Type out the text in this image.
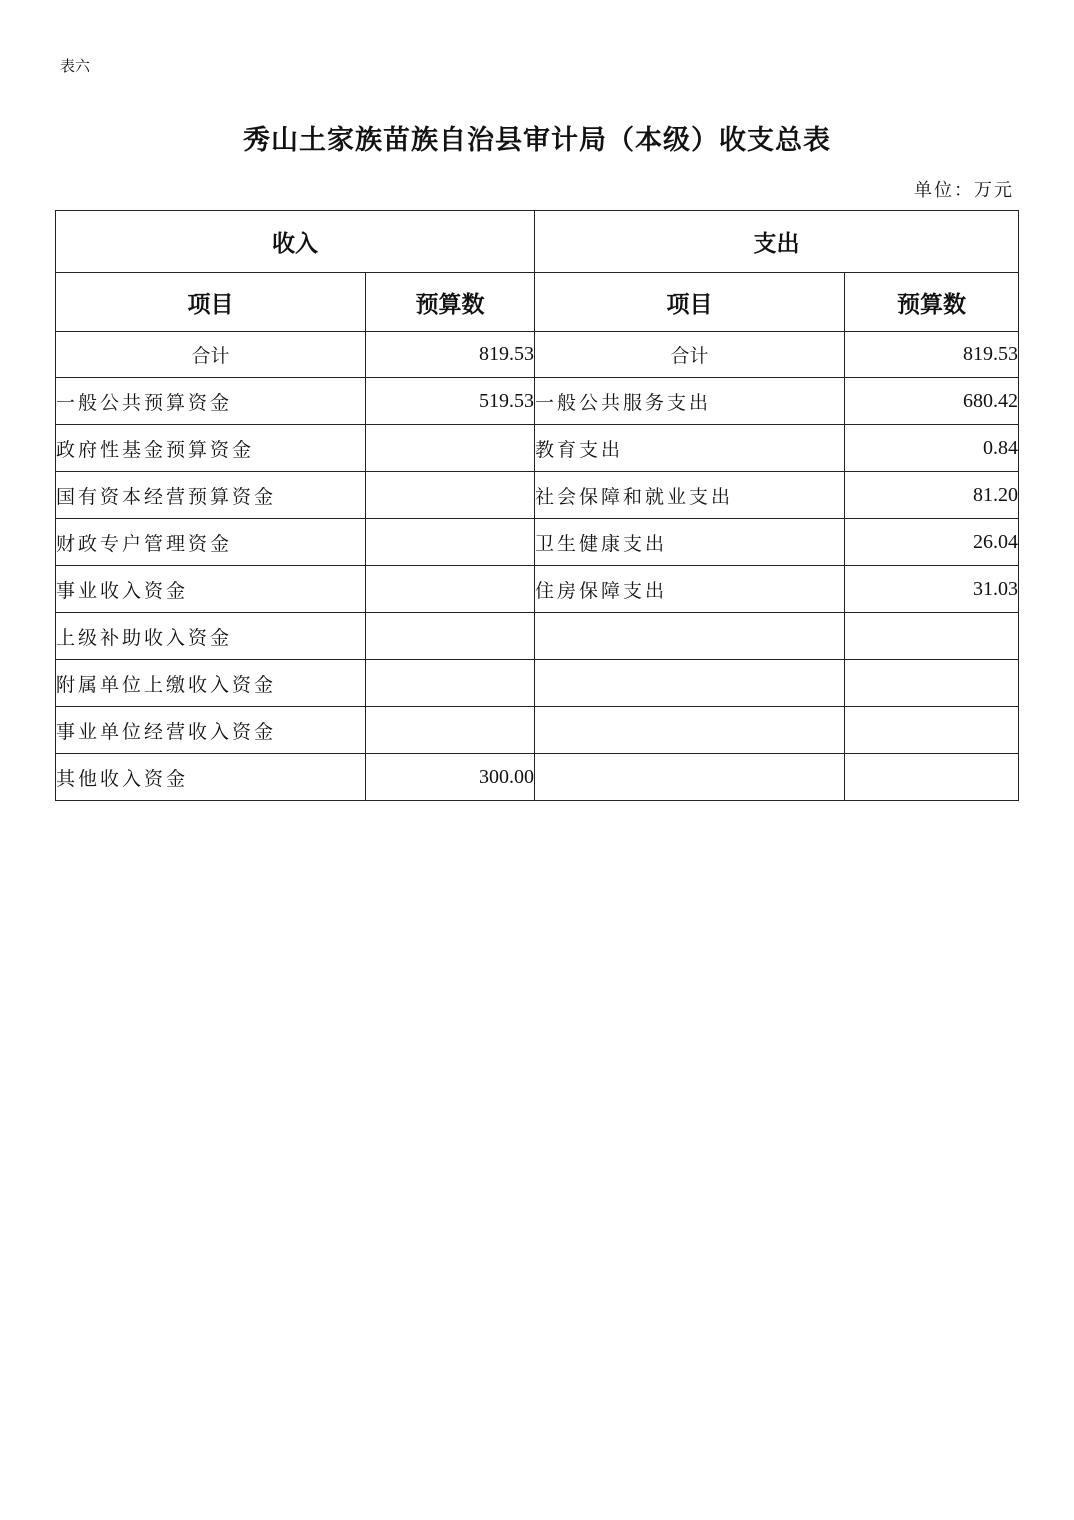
表六
秀山土家族苗族自治县审计局（本级）收支总表
单位：万元
收入		支出	
项目	预算数	项目	预算数
合计	819.53	合计	819.53
一般公共预算资金	519.53	一般公共服务支出	680.42
政府性基金预算资金		教育支出	0.84
国有资本经营预算资金		社会保障和就业支出	81.20
财政专户管理资金		卫生健康支出	26.04
事业收入资金		住房保障支出	31.03
上级补助收入资金			
附属单位上缴收入资金			
事业单位经营收入资金			
其他收入资金	300.00		
